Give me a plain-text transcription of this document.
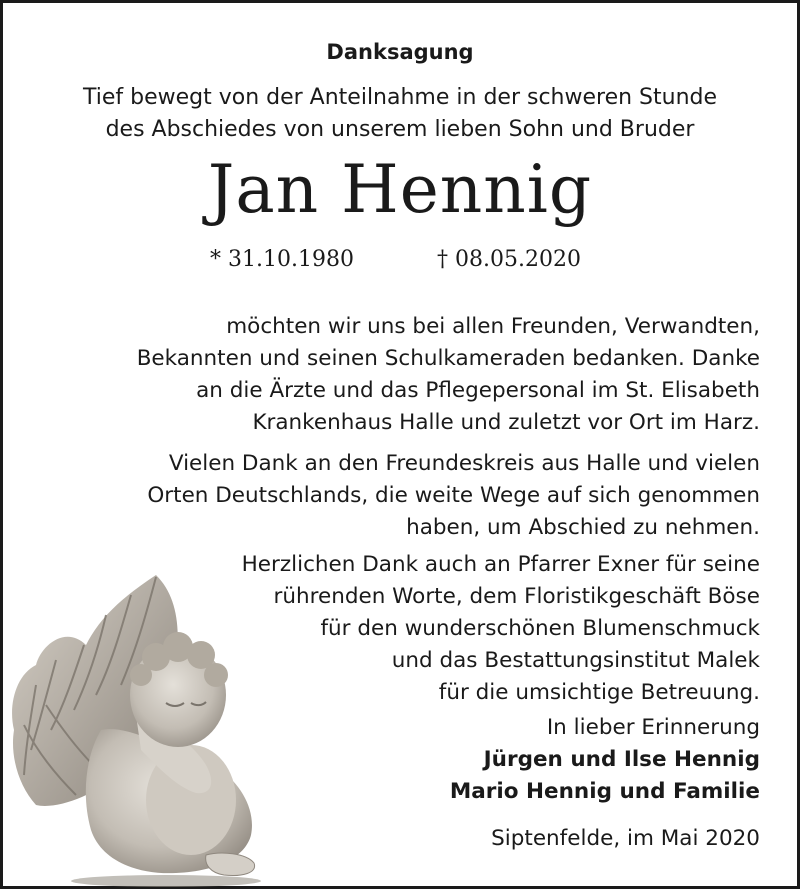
Danksagung
Tief bewegt von der Anteilnahme in der schweren Stunde
des Abschiedes von unserem lieben Sohn und Bruder
Jan Hennig
* 31.10.1980	† 08.05.2020
möchten wir uns bei allen Freunden, Verwandten,
Bekannten und seinen Schulkameraden bedanken. Danke
an die Ärzte und das Pflegepersonal im St. Elisabeth
Krankenhaus Halle und zuletzt vor Ort im Harz.
Vielen Dank an den Freundeskreis aus Halle und vielen
Orten Deutschlands, die weite Wege auf sich genommen
haben, um Abschied zu nehmen.
Herzlichen Dank auch an Pfarrer Exner für seine
rührenden Worte, dem Floristikgeschäft Böse
für den wunderschönen Blumenschmuck
und das Bestattungsinstitut Malek
für die umsichtige Betreuung.
In lieber Erinnerung
Jürgen und Ilse Hennig
Mario Hennig und Familie
Siptenfelde, im Mai 2020
